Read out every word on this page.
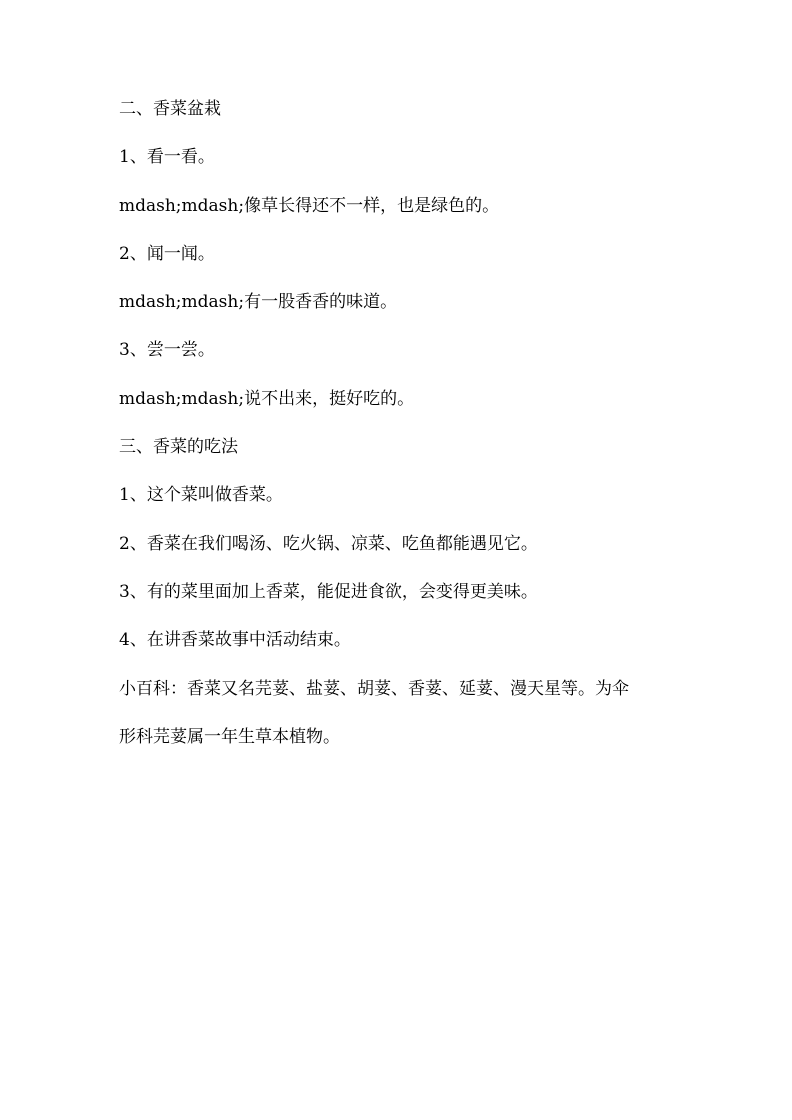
二、香菜盆栽
1、看一看。
mdash;mdash;像草长得还不一样，也是绿色的。
2、闻一闻。
mdash;mdash;有一股香香的味道。
3、尝一尝。
mdash;mdash;说不出来，挺好吃的。
三、香菜的吃法
1、这个菜叫做香菜。
2、香菜在我们喝汤、吃火锅、凉菜、吃鱼都能遇见它。
3、有的菜里面加上香菜，能促进食欲，会变得更美味。
4、在讲香菜故事中活动结束。
小百科：香菜又名芫荽、盐荽、胡荽、香荽、延荽、漫天星等。为伞
形科芫荽属一年生草本植物。
